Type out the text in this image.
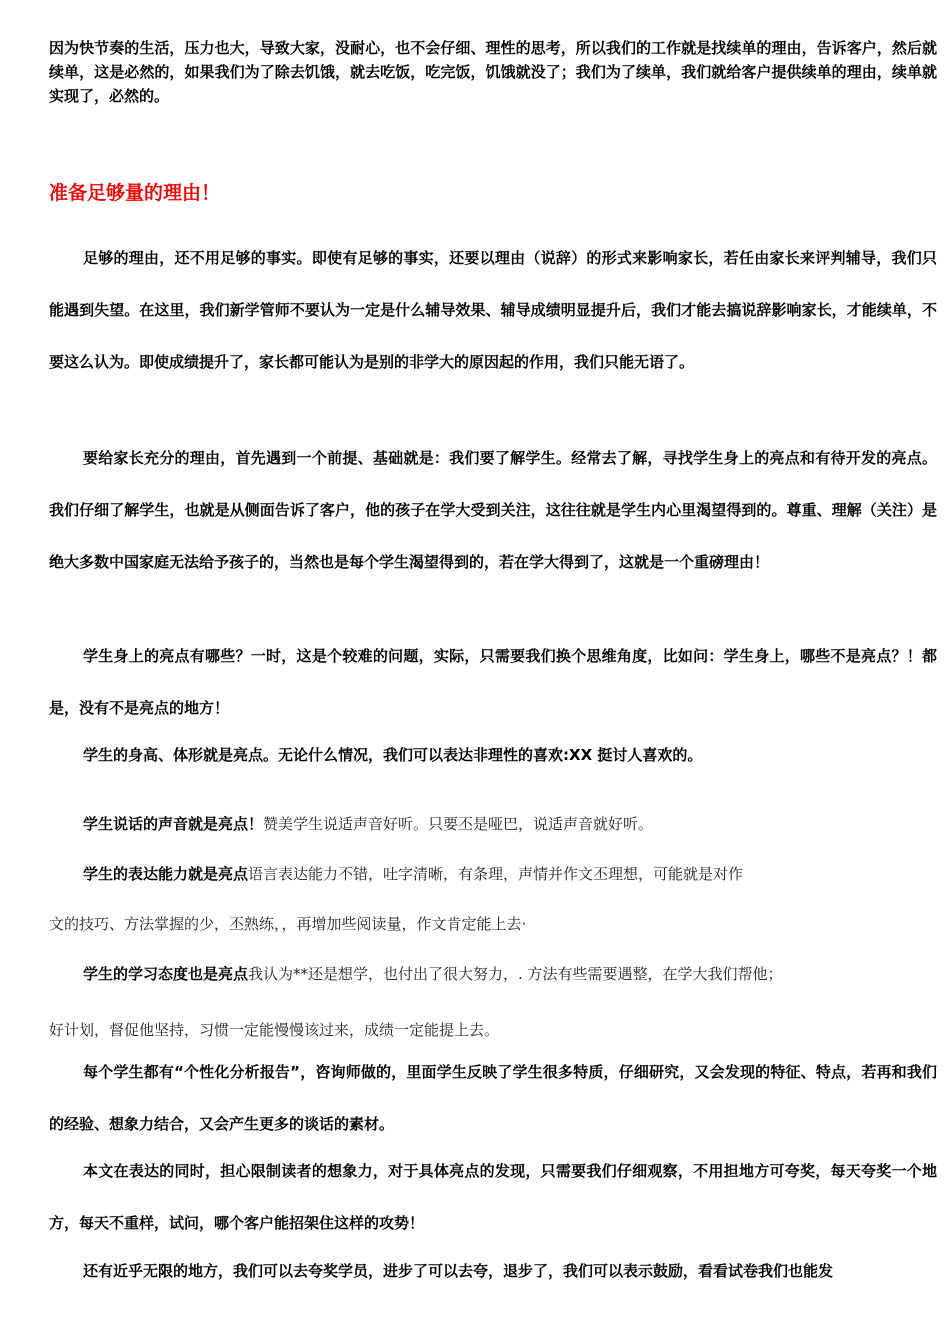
因为快节奏的生活，压力也大，导致大家，没耐心，也不会仔细、理性的思考，所以我们的工作就是找续单的理由，告诉客户，然后就续单，这是必然的，如果我们为了除去饥饿，就去吃饭，吃完饭，饥饿就没了；我们为了续单，我们就给客户提供续单的理由，续单就实现了，必然的。

准备足够量的理由！

足够的理由，还不用足够的事实。即使有足够的事实，还要以理由（说辞）的形式来影响家长，若任由家长来评判辅导，我们只能遇到失望。在这里，我们新学管师不要认为一定是什么辅导效果、辅导成绩明显提升后，我们才能去搞说辞影响家长，才能续单，不要这么认为。即使成绩提升了，家长都可能认为是别的非学大的原因起的作用，我们只能无语了。

要给家长充分的理由，首先遇到一个前提、基础就是：我们要了解学生。经常去了解，寻找学生身上的亮点和有待开发的亮点。我们仔细了解学生，也就是从侧面告诉了客户，他的孩子在学大受到关注，这往往就是学生内心里渴望得到的。尊重、理解（关注）是绝大多数中国家庭无法给予孩子的，当然也是每个学生渴望得到的，若在学大得到了，这就是一个重磅理由！

学生身上的亮点有哪些？一时，这是个较难的问题，实际，只需要我们换个思维角度，比如问：学生身上，哪些不是亮点？！都是，没有不是亮点的地方！

学生的身高、体形就是亮点。无论什么情况，我们可以表达非理性的喜欢:XX 挺讨人喜欢的。

学生说话的声音就是亮点！赞美学生说适声音好听。只要丕是哑巴，说适声音就好听。
学生的表达能力就是亮点语言表达能力不错，吐字清晰，有条理，声情并作文丕理想，可能就是对作
文的技巧、方法掌握的少，丕熟练，，再增加些阅读量，作文肯定能上去·
学生的学习态度也是亮点我认为**还是想学，也付出了很大努力，. 方法有些需要遇整，在学大我们帮他；
好计划，督促他坚持，习惯一定能慢慢该过来，成绩一定能提上去。

每个学生都有“个性化分析报告”，咨询师做的，里面学生反映了学生很多特质，仔细研究，又会发现的特征、特点，若再和我们的经验、想象力结合，又会产生更多的谈话的素材。

本文在表达的同时，担心限制读者的想象力，对于具体亮点的发现，只需要我们仔细观察，不用担地方可夸奖，每天夸奖一个地方，每天不重样，试问，哪个客户能招架住这样的攻势！

还有近乎无限的地方，我们可以去夸奖学员，进步了可以去夸，退步了，我们可以表示鼓励，看看试卷我们也能发
